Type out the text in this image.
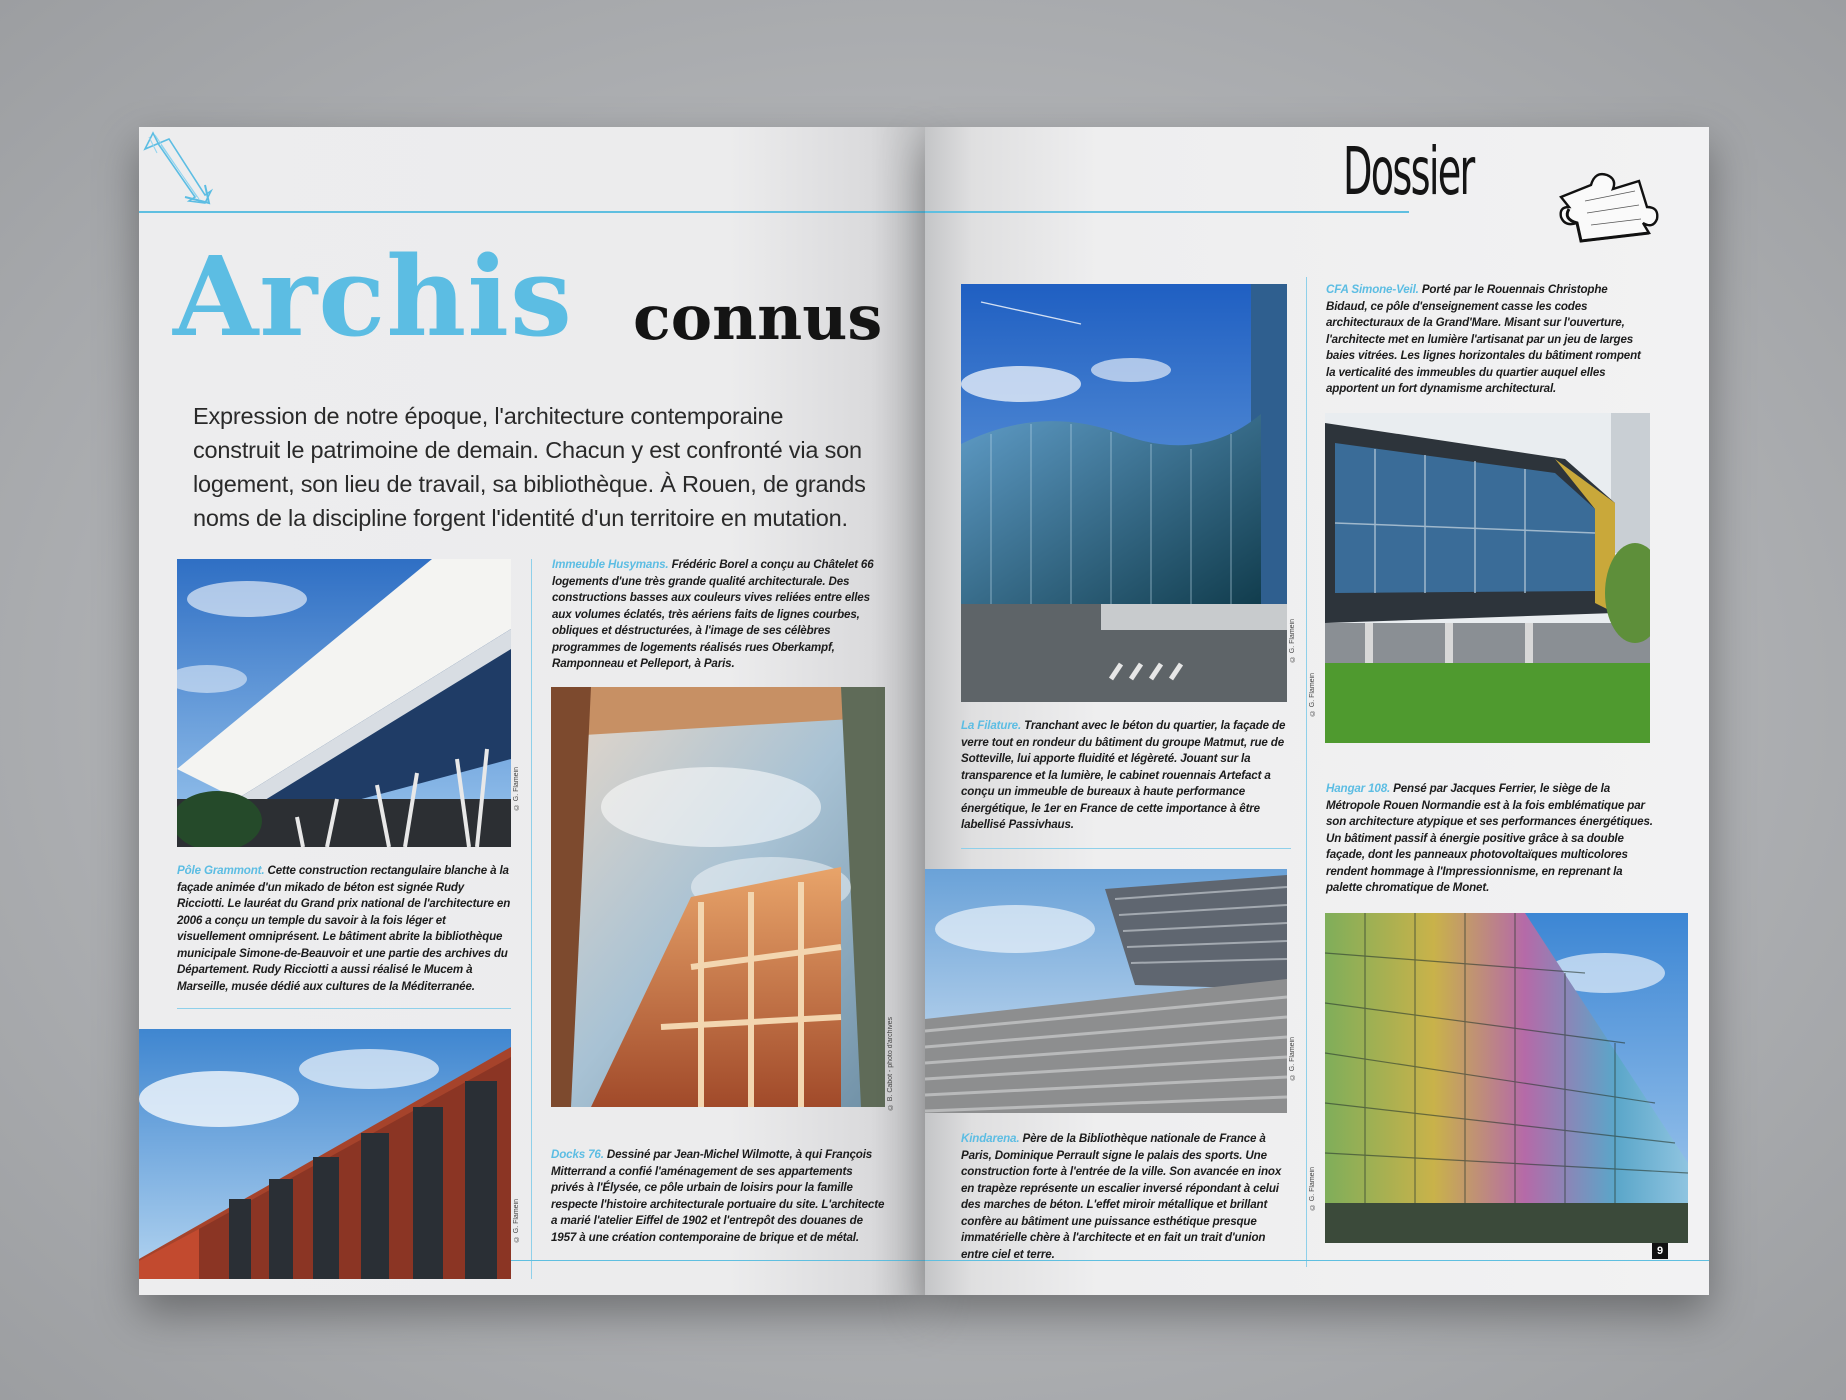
Archis connus

Expression de notre époque, l'architecture contemporaine construit le patrimoine de demain. Chacun y est confronté via son logement, son lieu de travail, sa bibliothèque. À Rouen, de grands noms de la discipline forgent l'identité d'un territoire en mutation.

© G. Flamein
Pôle Grammont. Cette construction rectangulaire blanche à la façade animée d'un mikado de béton est signée Rudy Ricciotti. Le lauréat du Grand prix national de l'architecture en 2006 a conçu un temple du savoir à la fois léger et visuellement omniprésent. Le bâtiment abrite la bibliothèque municipale Simone-de-Beauvoir et une partie des archives du Département. Rudy Ricciotti a aussi réalisé le Mucem à Marseille, musée dédié aux cultures de la Méditerranée.
© G. Flamein
Immeuble Husymans. Frédéric Borel a conçu au Châtelet 66 logements d'une très grande qualité architecturale. Des constructions basses aux couleurs vives reliées entre elles aux volumes éclatés, très aériens faits de lignes courbes, obliques et déstructurées, à l'image de ses célèbres programmes de logements réalisés rues Oberkampf, Ramponneau et Pelleport, à Paris.
© B. Cabot - photo d'archives
Docks 76. Dessiné par Jean-Michel Wilmotte, à qui François Mitterrand a confié l'aménagement de ses appartements privés à l'Élysée, ce pôle urbain de loisirs pour la famille respecte l'histoire architecturale portuaire du site. L'architecte a marié l'atelier Eiffel de 1902 et l'entrepôt des douanes de 1957 à une création contemporaine de brique et de métal.
Dossier
© G. Flamein
La Filature. Tranchant avec le béton du quartier, la façade de verre tout en rondeur du bâtiment du groupe Matmut, rue de Sotteville, lui apporte fluidité et légèreté. Jouant sur la transparence et la lumière, le cabinet rouennais Artefact a conçu un immeuble de bureaux à haute performance énergétique, le 1er en France de cette importance à être labellisé Passivhaus.
© G. Flamein
Kindarena. Père de la Bibliothèque nationale de France à Paris, Dominique Perrault signe le palais des sports. Une construction forte à l'entrée de la ville. Son avancée en inox en trapèze représente un escalier inversé répondant à celui des marches de béton. L'effet miroir métallique et brillant confère au bâtiment une puissance esthétique presque immatérielle chère à l'architecte et en fait un trait d'union entre ciel et terre.
CFA Simone-Veil. Porté par le Rouennais Christophe Bidaud, ce pôle d'enseignement casse les codes architecturaux de la Grand'Mare. Misant sur l'ouverture, l'architecte met en lumière l'artisanat par un jeu de larges baies vitrées. Les lignes horizontales du bâtiment rompent la verticalité des immeubles du quartier auquel elles apportent un fort dynamisme architectural.
© G. Flamein
Hangar 108. Pensé par Jacques Ferrier, le siège de la Métropole Rouen Normandie est à la fois emblématique par son architecture atypique et ses performances énergétiques. Un bâtiment passif à énergie positive grâce à sa double façade, dont les panneaux photovoltaïques multicolores rendent hommage à l'Impressionnisme, en reprenant la palette chromatique de Monet.
© G. Flamein
9
